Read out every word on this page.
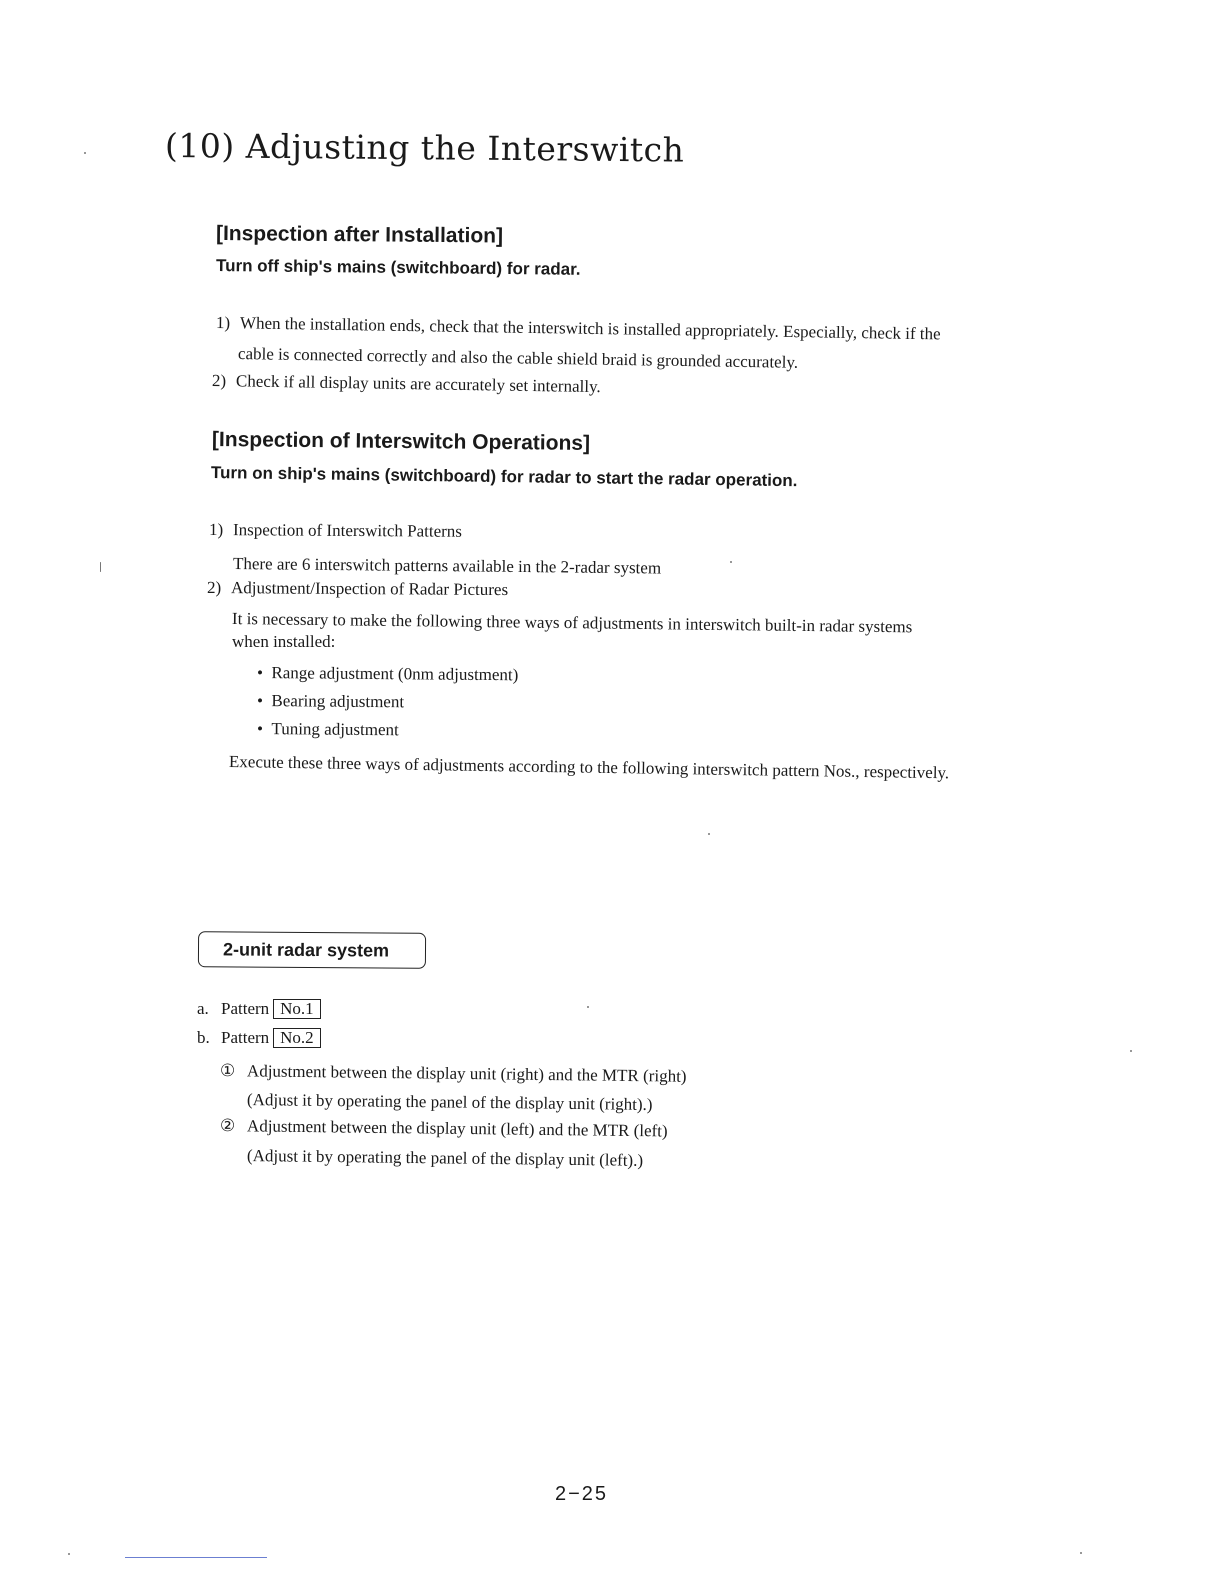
(10) Adjusting the Interswitch
[Inspection after Installation]

Turn off ship's mains (switchboard) for radar.

1) When the installation ends, check that the interswitch is installed appropriately. Especially, check if the
cable is connected correctly and also the cable shield braid is grounded accurately.
2) Check if all display units are accurately set internally.
[Inspection of Interswitch Operations]

Turn on ship's mains (switchboard) for radar to start the radar operation.

1) Inspection of Interswitch Patterns
There are 6 interswitch patterns available in the 2-radar system
2) Adjustment/Inspection of Radar Pictures
It is necessary to make the following three ways of adjustments in interswitch built-in radar systems
when installed:
•  Range adjustment (0nm adjustment)
•  Bearing adjustment
•  Tuning adjustment
Execute these three ways of adjustments according to the following interswitch pattern Nos., respectively.
2-unit radar system
a. Pattern No.1
b. Pattern No.2
① Adjustment between the display unit (right) and the MTR (right)
(Adjust it by operating the panel of the display unit (right).)
② Adjustment between the display unit (left) and the MTR (left)
(Adjust it by operating the panel of the display unit (left).)
2−25
